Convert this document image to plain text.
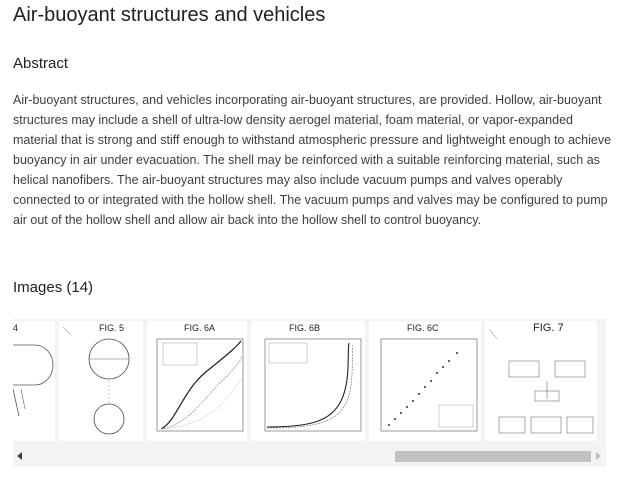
Air-buoyant structures and vehicles
Abstract
Air-buoyant structures, and vehicles incorporating air-buoyant structures, are provided. Hollow, air-buoyant structures may include a shell of ultra-low density aerogel material, foam material, or vapor-expanded material that is strong and stiff enough to withstand atmospheric pressure and lightweight enough to achieve buoyancy in air under evacuation. The shell may be reinforced with a suitable reinforcing material, such as helical nanofibers. The air-buoyant structures may also include vacuum pumps and valves operably connected to or integrated with the hollow shell. The vacuum pumps and valves may be configured to pump air out of the hollow shell and allow air back into the hollow shell to control buoyancy.
Images (14)
4	FIG. 5	FIG. 6A	FIG. 6B	FIG. 6C	FIG. 7
